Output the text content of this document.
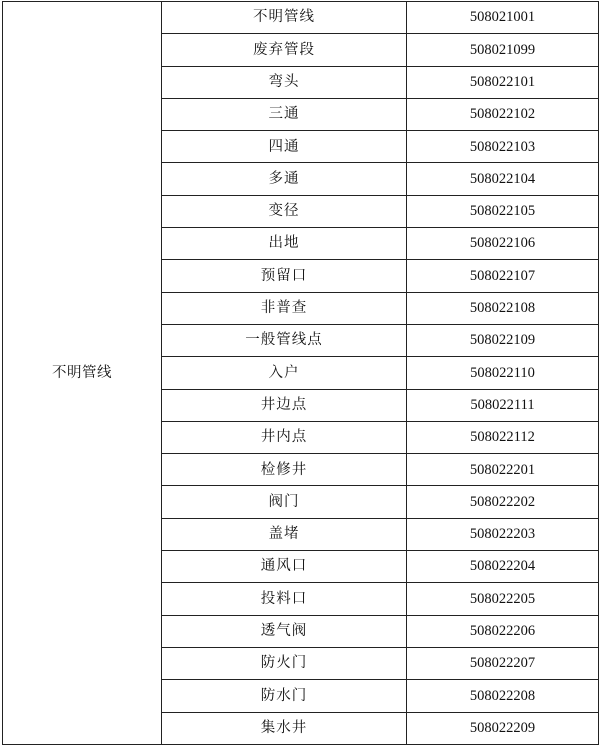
不明管线	不明管线	508021001
	废弃管段	508021099
	弯头	508022101
	三通	508022102
	四通	508022103
	多通	508022104
	变径	508022105
	出地	508022106
	预留口	508022107
	非普查	508022108
	一般管线点	508022109
	入户	508022110
	井边点	508022111
	井内点	508022112
	检修井	508022201
	阀门	508022202
	盖堵	508022203
	通风口	508022204
	投料口	508022205
	透气阀	508022206
	防火门	508022207
	防水门	508022208
	集水井	508022209
